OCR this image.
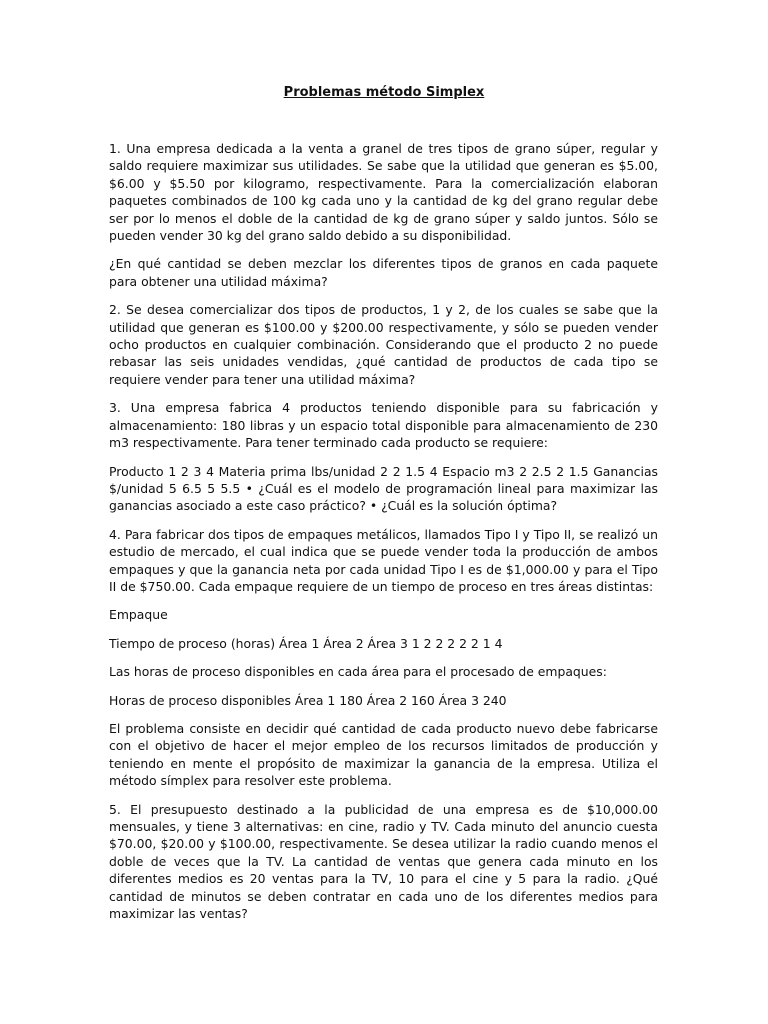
Problemas método Simplex

1. Una empresa dedicada a la venta a granel de tres tipos de grano súper, regular y saldo requiere maximizar sus utilidades. Se sabe que la utilidad que generan es $5.00, $6.00 y $5.50 por kilogramo, respectivamente. Para la comercialización elaboran paquetes combinados de 100 kg cada uno y la cantidad de kg del grano regular debe ser por lo menos el doble de la cantidad de kg de grano súper y saldo juntos. Sólo se pueden vender 30 kg del grano saldo debido a su disponibilidad.

¿En qué cantidad se deben mezclar los diferentes tipos de granos en cada paquete para obtener una utilidad máxima?

2. Se desea comercializar dos tipos de productos, 1 y 2, de los cuales se sabe que la utilidad que generan es $100.00 y $200.00 respectivamente, y sólo se pueden vender ocho productos en cualquier combinación. Considerando que el producto 2 no puede rebasar las seis unidades vendidas, ¿qué cantidad de productos de cada tipo se requiere vender para tener una utilidad máxima?

3. Una empresa fabrica 4 productos teniendo disponible para su fabricación y almacenamiento: 180 libras y un espacio total disponible para almacenamiento de 230 m3 respectivamente. Para tener terminado cada producto se requiere:

Producto 1 2 3 4 Materia prima lbs/unidad 2 2 1.5 4 Espacio m3 2 2.5 2 1.5 Ganancias $/unidad 5 6.5 5 5.5 • ¿Cuál es el modelo de programación lineal para maximizar las ganancias asociado a este caso práctico? • ¿Cuál es la solución óptima?

4. Para fabricar dos tipos de empaques metálicos, llamados Tipo I y Tipo II, se realizó un estudio de mercado, el cual indica que se puede vender toda la producción de ambos empaques y que la ganancia neta por cada unidad Tipo I es de $1,000.00 y para el Tipo II de $750.00. Cada empaque requiere de un tiempo de proceso en tres áreas distintas:

Empaque

Tiempo de proceso (horas) Área 1 Área 2 Área 3 1 2 2 2 2 2 1 4

Las horas de proceso disponibles en cada área para el procesado de empaques:

Horas de proceso disponibles Área 1 180 Área 2 160 Área 3 240

El problema consiste en decidir qué cantidad de cada producto nuevo debe fabricarse con el objetivo de hacer el mejor empleo de los recursos limitados de producción y teniendo en mente el propósito de maximizar la ganancia de la empresa. Utiliza el método símplex para resolver este problema.

5. El presupuesto destinado a la publicidad de una empresa es de $10,000.00 mensuales, y tiene 3 alternativas: en cine, radio y TV. Cada minuto del anuncio cuesta $70.00, $20.00 y $100.00, respectivamente. Se desea utilizar la radio cuando menos el doble de veces que la TV. La cantidad de ventas que genera cada minuto en los diferentes medios es 20 ventas para la TV, 10 para el cine y 5 para la radio. ¿Qué cantidad de minutos se deben contratar en cada uno de los diferentes medios para maximizar las ventas?
